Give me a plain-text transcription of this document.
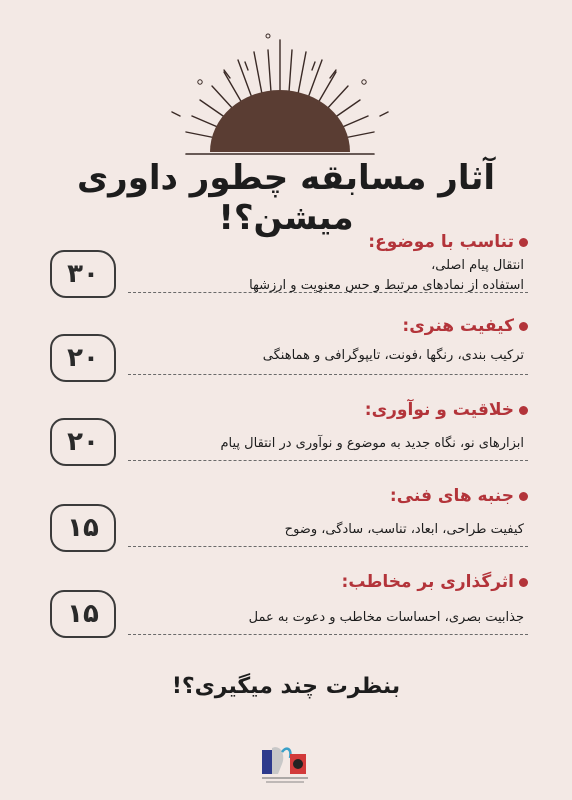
آثار مسابقه چطور داوری میشن؟!
تناسب با موضوع:
انتقال پیام اصلی،
استفاده از نمادهای مرتبط و حس معنویت و ارزشها
۳۰
کیفیت هنری:
ترکیب بندی، رنگها ،فونت، تایپوگرافی و هماهنگی
۲۰
خلاقیت و نوآوری:
ابزارهای نو، نگاه جدید به موضوع و نوآوری در انتقال پیام
۲۰
جنبه های فنی:
کیفیت طراحی، ابعاد، تناسب، سادگی، وضوح
۱۵
اثرگذاری بر مخاطب:
جذابیت بصری، احساسات مخاطب و دعوت به عمل
۱۵
بنظرت چند میگیری؟!
